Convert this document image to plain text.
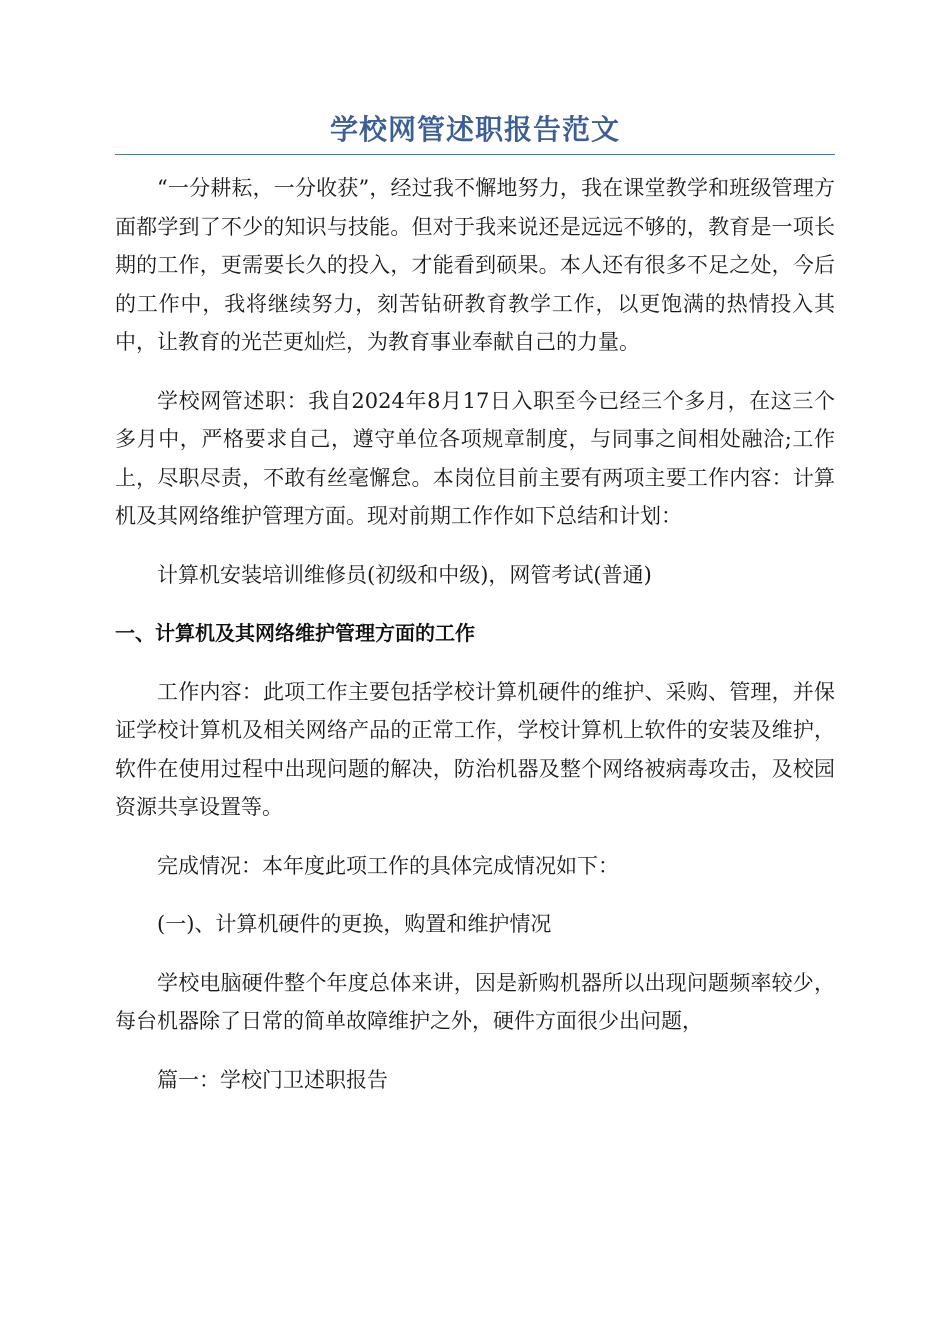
学校网管述职报告范文

“一分耕耘，一分收获”，经过我不懈地努力，我在课堂教学和班级管理方面都学到了不少的知识与技能。但对于我来说还是远远不够的，教育是一项长期的工作，更需要长久的投入，才能看到硕果。本人还有很多不足之处，今后的工作中，我将继续努力，刻苦钻研教育教学工作，以更饱满的热情投入其中，让教育的光芒更灿烂，为教育事业奉献自己的力量。

学校网管述职：我自2024年8月17日入职至今已经三个多月，在这三个多月中，严格要求自己，遵守单位各项规章制度，与同事之间相处融洽;工作上，尽职尽责，不敢有丝毫懈怠。本岗位目前主要有两项主要工作内容：计算机及其网络维护管理方面。现对前期工作作如下总结和计划：

计算机安装培训维修员(初级和中级)，网管考试(普通)

一、计算机及其网络维护管理方面的工作

工作内容：此项工作主要包括学校计算机硬件的维护、采购、管理，并保证学校计算机及相关网络产品的正常工作，学校计算机上软件的安装及维护，软件在使用过程中出现问题的解决，防治机器及整个网络被病毒攻击，及校园资源共享设置等。

完成情况：本年度此项工作的具体完成情况如下：

(一)、计算机硬件的更换，购置和维护情况

学校电脑硬件整个年度总体来讲，因是新购机器所以出现问题频率较少，每台机器除了日常的简单故障维护之外，硬件方面很少出问题，

篇一：学校门卫述职报告
